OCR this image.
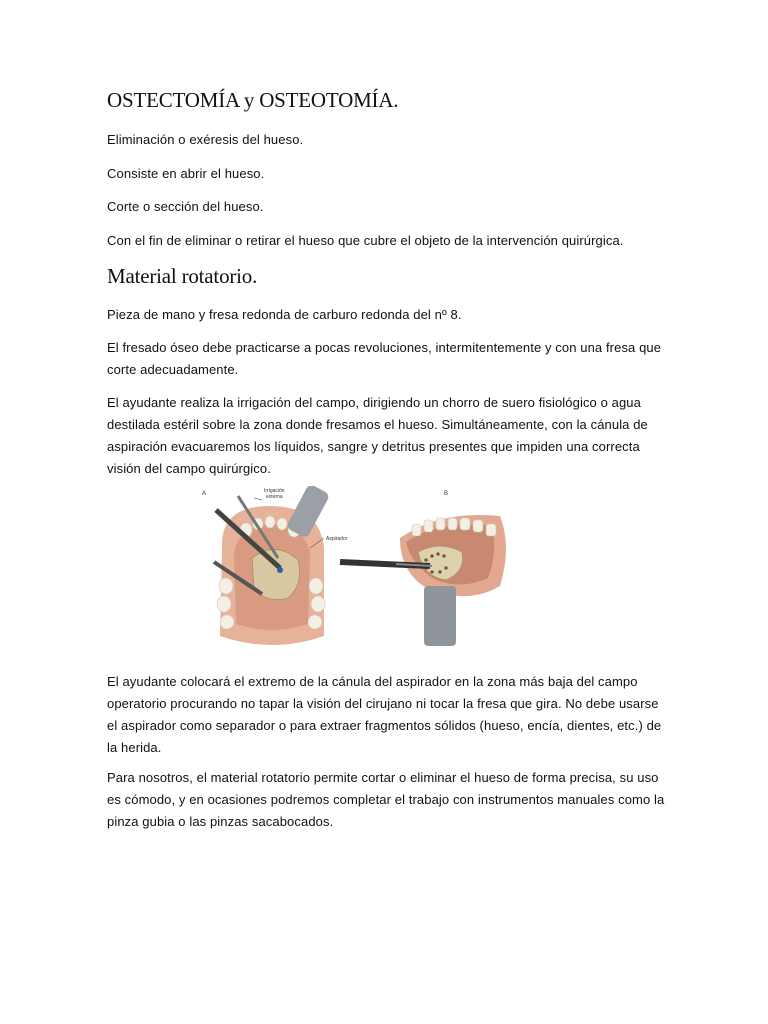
OSTECTOMÍA y OSTEOTOMÍA.

Eliminación o exéresis del hueso.

Consiste en abrir el hueso.

Corte o sección del hueso.

Con el fin de eliminar o retirar el hueso que cubre el objeto de la intervención quirúrgica.

Material rotatorio.

Pieza de mano y fresa redonda de carburo redonda del nº 8.

El fresado óseo debe practicarse a pocas revoluciones, intermitentemente y con una fresa que corte adecuadamente.

El ayudante realiza la irrigación del campo, dirigiendo un chorro de suero fisiológico o agua destilada estéril sobre la zona donde fresamos el hueso. Simultáneamente, con la cánula de aspiración evacuaremos los líquidos, sangre y detritus presentes que impiden una correcta visión del campo quirúrgico.

El ayudante colocará el extremo de la cánula del aspirador en la zona más baja del campo operatorio procurando no tapar la visión del cirujano ni tocar la fresa que gira. No debe usarse el aspirador como separador o para extraer fragmentos sólidos (hueso, encía, dientes, etc.) de la herida.

Para nosotros, el material rotatorio permite cortar o eliminar el hueso de forma precisa, su uso es cómodo, y en ocasiones podremos completar el trabajo con instrumentos manuales como la pinza gubia o las pinzas sacabocados.

A	B
Irrigación
externa
Aspirador
